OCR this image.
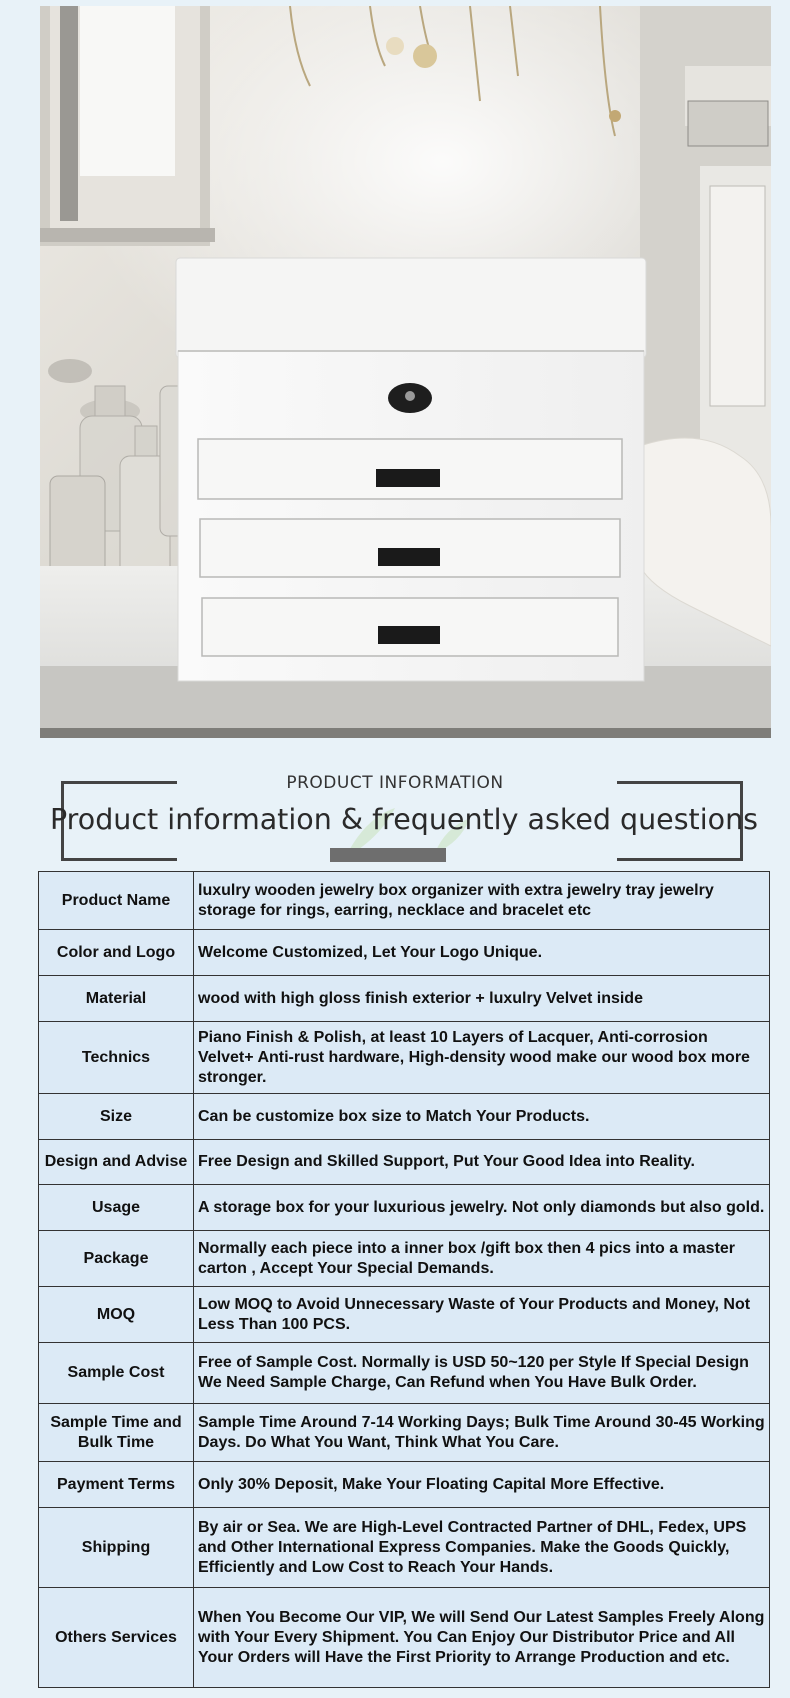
PRODUCT INFORMATION
Product information & frequently asked questions
Product Name	luxulry wooden jewelry box organizer with extra jewelry tray jewelry storage for rings, earring, necklace and bracelet etc
Color and Logo	Welcome Customized, Let Your Logo Unique.
Material	wood with high gloss finish exterior + luxulry Velvet inside
Technics	Piano Finish & Polish, at least 10 Layers of Lacquer, Anti-corrosion Velvet+ Anti-rust hardware, High-density wood make our wood box more stronger.
Size	Can be customize box size to Match Your Products.
Design and Advise	Free Design and Skilled Support, Put Your Good Idea into Reality.
Usage	A storage box for your luxurious jewelry. Not only diamonds but also gold.
Package	Normally each piece into a inner box /gift box then 4 pics into a master carton , Accept Your Special Demands.
MOQ	Low MOQ to Avoid Unnecessary Waste of Your Products and Money, Not Less Than 100 PCS.
Sample Cost	Free of Sample Cost. Normally is USD 50~120 per Style If Special Design We Need Sample Charge, Can Refund when You Have Bulk Order.
Sample Time and Bulk Time	Sample Time Around 7-14 Working Days; Bulk Time Around 30-45 Working Days. Do What You Want, Think What You Care.
Payment Terms	Only 30% Deposit, Make Your Floating Capital More Effective.
Shipping	By air or Sea. We are High-Level Contracted Partner of DHL, Fedex, UPS and Other International Express Companies. Make the Goods Quickly, Efficiently and Low Cost to Reach Your Hands.
Others Services	When You Become Our VIP, We will Send Our Latest Samples Freely Along with Your Every Shipment. You Can Enjoy Our Distributor Price and All Your Orders will Have the First Priority to Arrange Production and etc.
